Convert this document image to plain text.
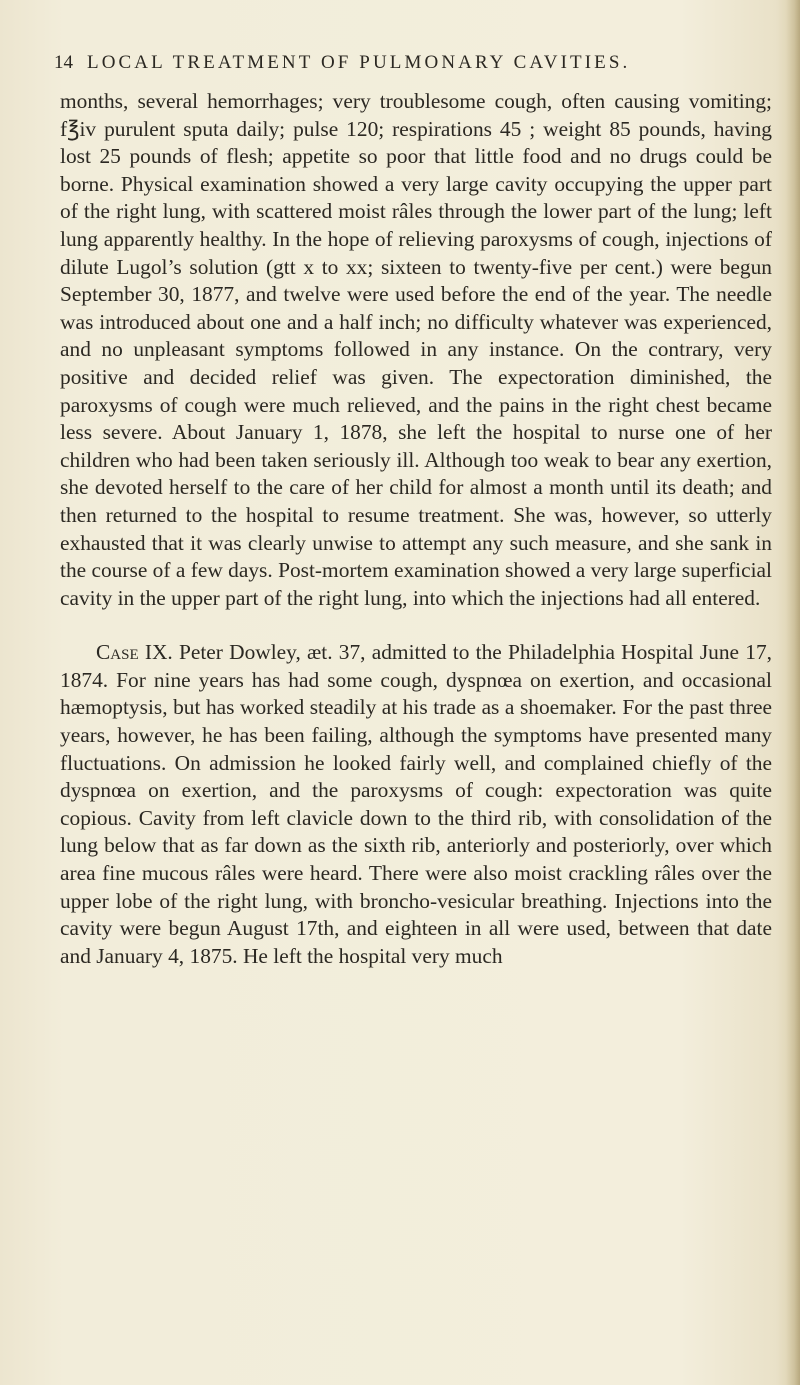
14 LOCAL TREATMENT OF PULMONARY CAVITIES.

months, several hemorrhages; very troublesome cough, often causing vomiting; f℥iv purulent sputa daily; pulse 120; respirations 45 ; weight 85 pounds, having lost 25 pounds of flesh; appetite so poor that little food and no drugs could be borne. Physical examination showed a very large cavity occupying the upper part of the right lung, with scattered moist râles through the lower part of the lung; left lung apparently healthy. In the hope of relieving paroxysms of cough, injections of dilute Lugol’s solution (gtt x to xx; sixteen to twenty-five per cent.) were begun September 30, 1877, and twelve were used before the end of the year. The needle was introduced about one and a half inch; no difficulty whatever was experienced, and no unpleasant symptoms followed in any instance. On the contrary, very positive and decided relief was given. The expectoration diminished, the paroxysms of cough were much relieved, and the pains in the right chest became less severe. About January 1, 1878, she left the hospital to nurse one of her children who had been taken seriously ill. Although too weak to bear any exertion, she devoted herself to the care of her child for almost a month until its death; and then returned to the hospital to resume treatment. She was, however, so utterly exhausted that it was clearly unwise to attempt any such measure, and she sank in the course of a few days. Post-mortem examination showed a very large superficial cavity in the upper part of the right lung, into which the injections had all entered.

Case IX. Peter Dowley, æt. 37, admitted to the Philadelphia Hospital June 17, 1874. For nine years has had some cough, dyspnœa on exertion, and occasional hæmoptysis, but has worked steadily at his trade as a shoemaker. For the past three years, however, he has been failing, although the symptoms have presented many fluctuations. On admission he looked fairly well, and complained chiefly of the dyspnœa on exertion, and the paroxysms of cough: expectoration was quite copious. Cavity from left clavicle down to the third rib, with consolidation of the lung below that as far down as the sixth rib, anteriorly and posteriorly, over which area fine mucous râles were heard. There were also moist crackling râles over the upper lobe of the right lung, with broncho-vesicular breathing. Injections into the cavity were begun August 17th, and eighteen in all were used, between that date and January 4, 1875. He left the hospital very much
